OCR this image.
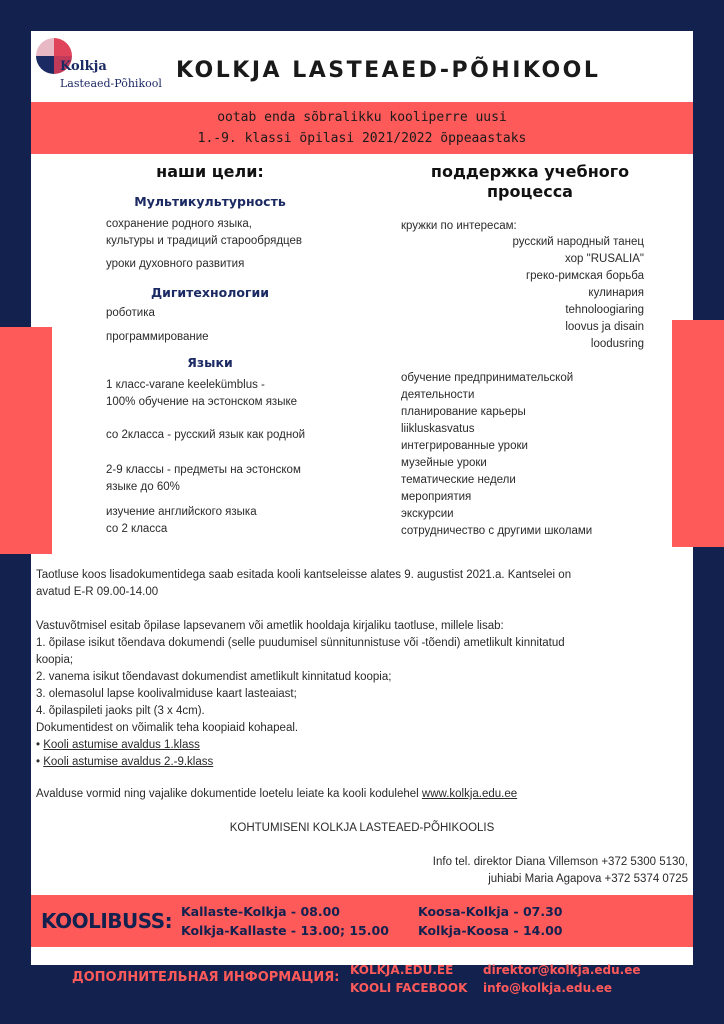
Kolkja
Lasteaed-Põhikool
KOLKJA LASTEAED-PÕHIKOOL
ootab enda sõbralikku kooliperre uusi
1.-9. klassi õpilasi 2021/2022 õppeaastaks
наши цели:
Мультикультурность
сохранение родного языка,
культуры и традиций старообрядцев
уроки духовного развития
Дигитехнологии
роботика
программирование
Языки
1 класс-varane keelekümblus -
100% обучение на эстонском языке
со 2класса - русский язык как родной
2-9 классы - предметы на эстонском
языке до 60%
изучение английского языка
со 2 класса
поддержка учебного
процесса
кружки по интересам:
русский народный танец
хор "RUSALIA"
греко-римская борьба
кулинария
tehnoloogiaring
loovus ja disain
loodusring
обучение предпринимательской
деятельности
планирование карьеры
liikluskasvatus
интегрированные уроки
музейные уроки
тематические недели
мероприятия
экскурсии
сотрудничество с другими школами
Taotluse koos lisadokumentidega saab esitada kooli kantseleisse alates 9. augustist 2021.a. Kantselei on
avatud E-R 09.00-14.00
Vastuvõtmisel esitab õpilase lapsevanem või ametlik hooldaja kirjaliku taotluse, millele lisab:
1. õpilase isikut tõendava dokumendi (selle puudumisel sünnitunnistuse või -tõendi) ametlikult kinnitatud
koopia;
2. vanema isikut tõendavast dokumendist ametlikult kinnitatud koopia;
3. olemasolul lapse koolivalmiduse kaart lasteaiast;
4. õpilaspileti jaoks pilt (3 x 4cm).
Dokumentidest on võimalik teha koopiaid kohapeal.
• Kooli astumise avaldus 1.klass
• Kooli astumise avaldus 2.-9.klass
Avalduse vormid ning vajalike dokumentide loetelu leiate ka kooli kodulehel www.kolkja.edu.ee
KOHTUMISENI KOLKJA LASTEAED-PÕHIKOOLIS
Info tel. direktor Diana Villemson +372 5300 5130,
juhiabi Maria Agapova +372 5374 0725
KOOLIBUSS: Kallaste-Kolkja - 08.00
Kolkja-Kallaste - 13.00; 15.00
Koosa-Kolkja - 07.30
Kolkja-Koosa - 14.00
ДОПОЛНИТЕЛЬНАЯ ИНФОРМАЦИЯ: KOLKJA.EDU.EE
KOOLI FACEBOOK
direktor@kolkja.edu.ee
info@kolkja.edu.ee
